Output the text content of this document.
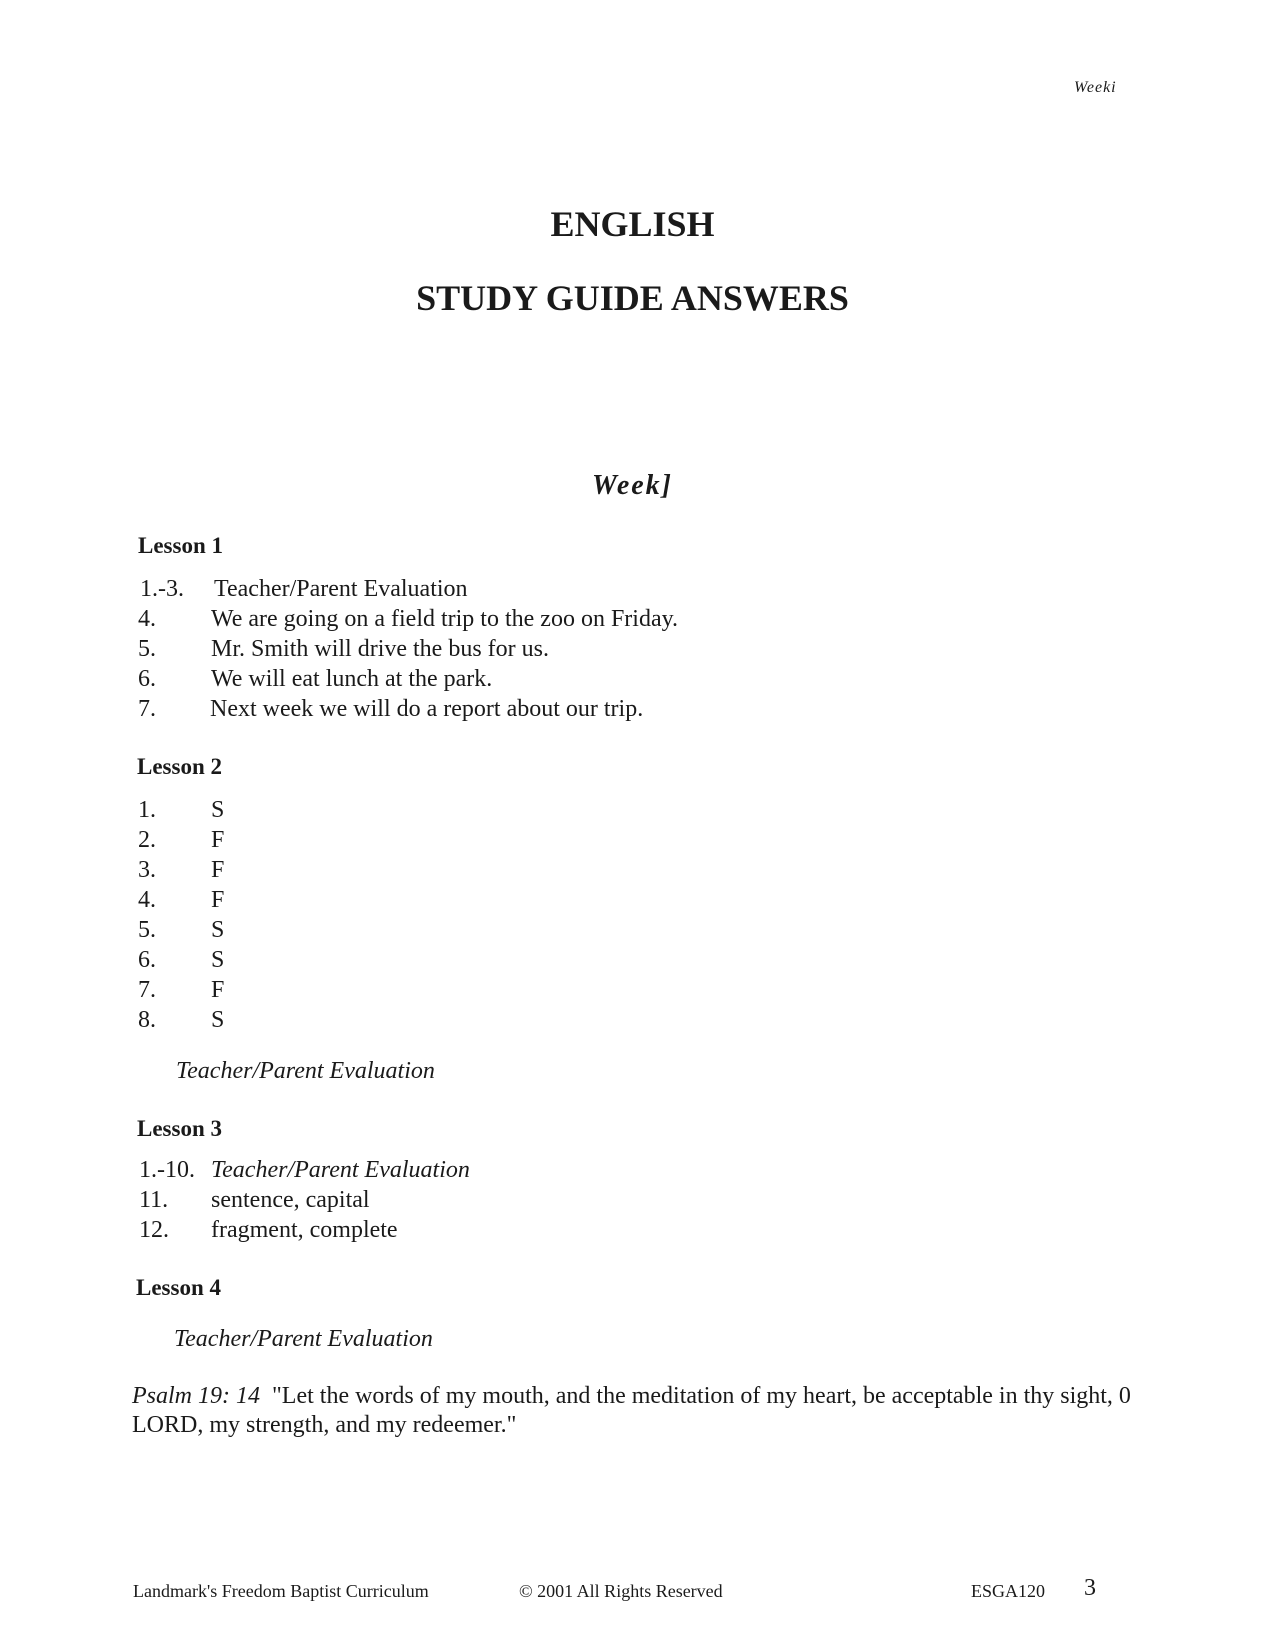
Weeki
ENGLISH
STUDY GUIDE ANSWERS
Week]
Lesson 1
1.-3. Teacher/Parent Evaluation
4. We are going on a field trip to the zoo on Friday.
5. Mr. Smith will drive the bus for us.
6. We will eat lunch at the park.
7. Next week we will do a report about our trip.
Lesson 2
1. S
2. F
3. F
4. F
5. S
6. S
7. F
8. S
Teacher/Parent Evaluation
Lesson 3
1.-10. Teacher/Parent Evaluation
11. sentence, capital
12. fragment, complete
Lesson 4
Teacher/Parent Evaluation
Psalm 19: 14 "Let the words of my mouth, and the meditation of my heart, be acceptable in thy sight, 0 LORD, my strength, and my redeemer."
Landmark's Freedom Baptist Curriculum	© 2001 All Rights Reserved	ESGA120 3
